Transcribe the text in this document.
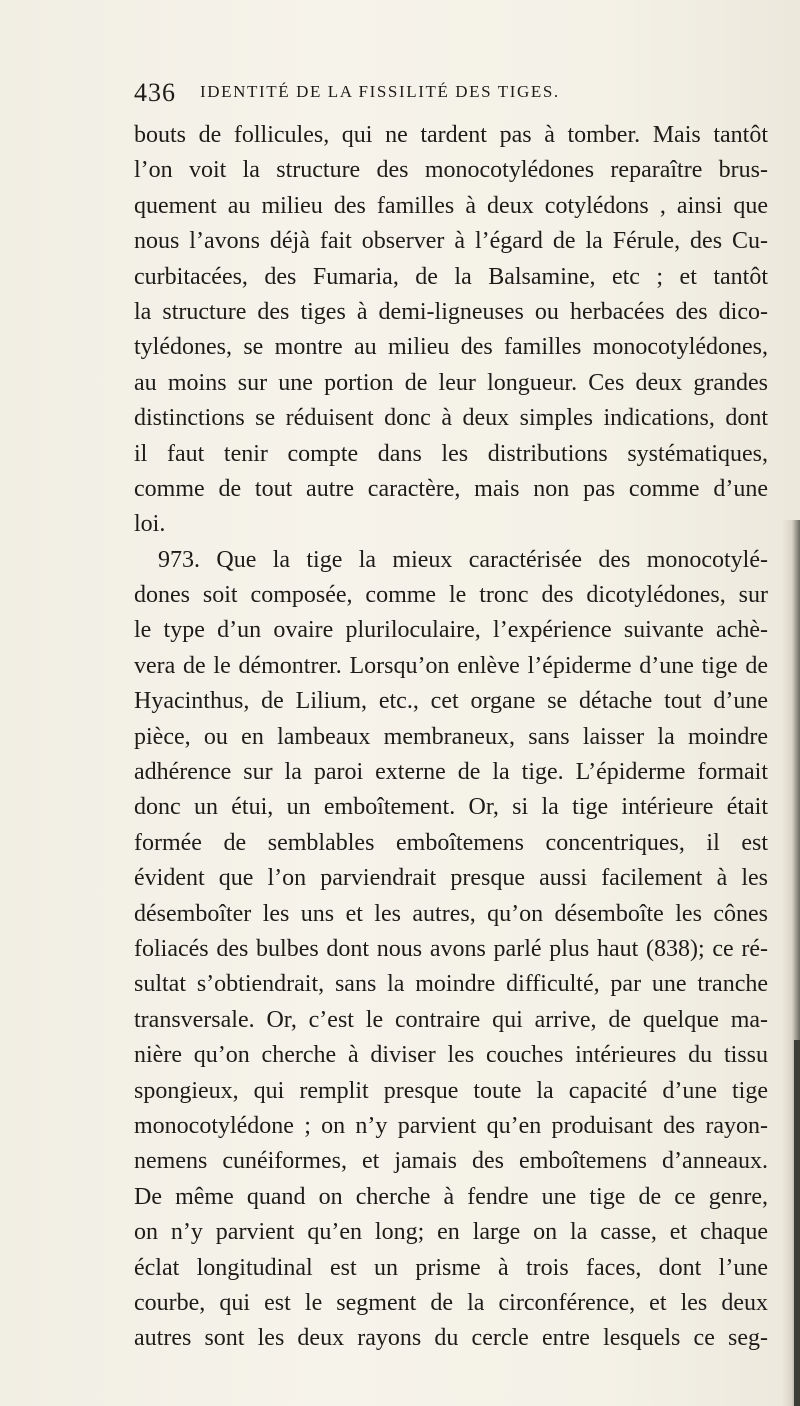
436 IDENTITÉ DE LA FISSILITÉ DES TIGES.
bouts de follicules, qui ne tardent pas à tomber. Mais tantôt
l’on voit la structure des monocotylédones reparaître brus-
quement au milieu des familles à deux cotylédons , ainsi que
nous l’avons déjà fait observer à l’égard de la Férule, des Cu-
curbitacées, des Fumaria, de la Balsamine, etc ; et tantôt
la structure des tiges à demi-ligneuses ou herbacées des dico-
tylédones, se montre au milieu des familles monocotylédones,
au moins sur une portion de leur longueur. Ces deux grandes
distinctions se réduisent donc à deux simples indications, dont
il faut tenir compte dans les distributions systématiques,
comme de tout autre caractère, mais non pas comme d’une
loi.
973. Que la tige la mieux caractérisée des monocotylé-
dones soit composée, comme le tronc des dicotylédones, sur
le type d’un ovaire pluriloculaire, l’expérience suivante achè-
vera de le démontrer. Lorsqu’on enlève l’épiderme d’une tige de
Hyacinthus, de Lilium, etc., cet organe se détache tout d’une
pièce, ou en lambeaux membraneux, sans laisser la moindre
adhérence sur la paroi externe de la tige. L’épiderme formait
donc un étui, un emboîtement. Or, si la tige intérieure était
formée de semblables emboîtemens concentriques, il est
évident que l’on parviendrait presque aussi facilement à les
désemboîter les uns et les autres, qu’on désemboîte les cônes
foliacés des bulbes dont nous avons parlé plus haut (838); ce ré-
sultat s’obtiendrait, sans la moindre difficulté, par une tranche
transversale. Or, c’est le contraire qui arrive, de quelque ma-
nière qu’on cherche à diviser les couches intérieures du tissu
spongieux, qui remplit presque toute la capacité d’une tige
monocotylédone ; on n’y parvient qu’en produisant des rayon-
nemens cunéiformes, et jamais des emboîtemens d’anneaux.
De même quand on cherche à fendre une tige de ce genre,
on n’y parvient qu’en long; en large on la casse, et chaque
éclat longitudinal est un prisme à trois faces, dont l’une
courbe, qui est le segment de la circonférence, et les deux
autres sont les deux rayons du cercle entre lesquels ce seg-
